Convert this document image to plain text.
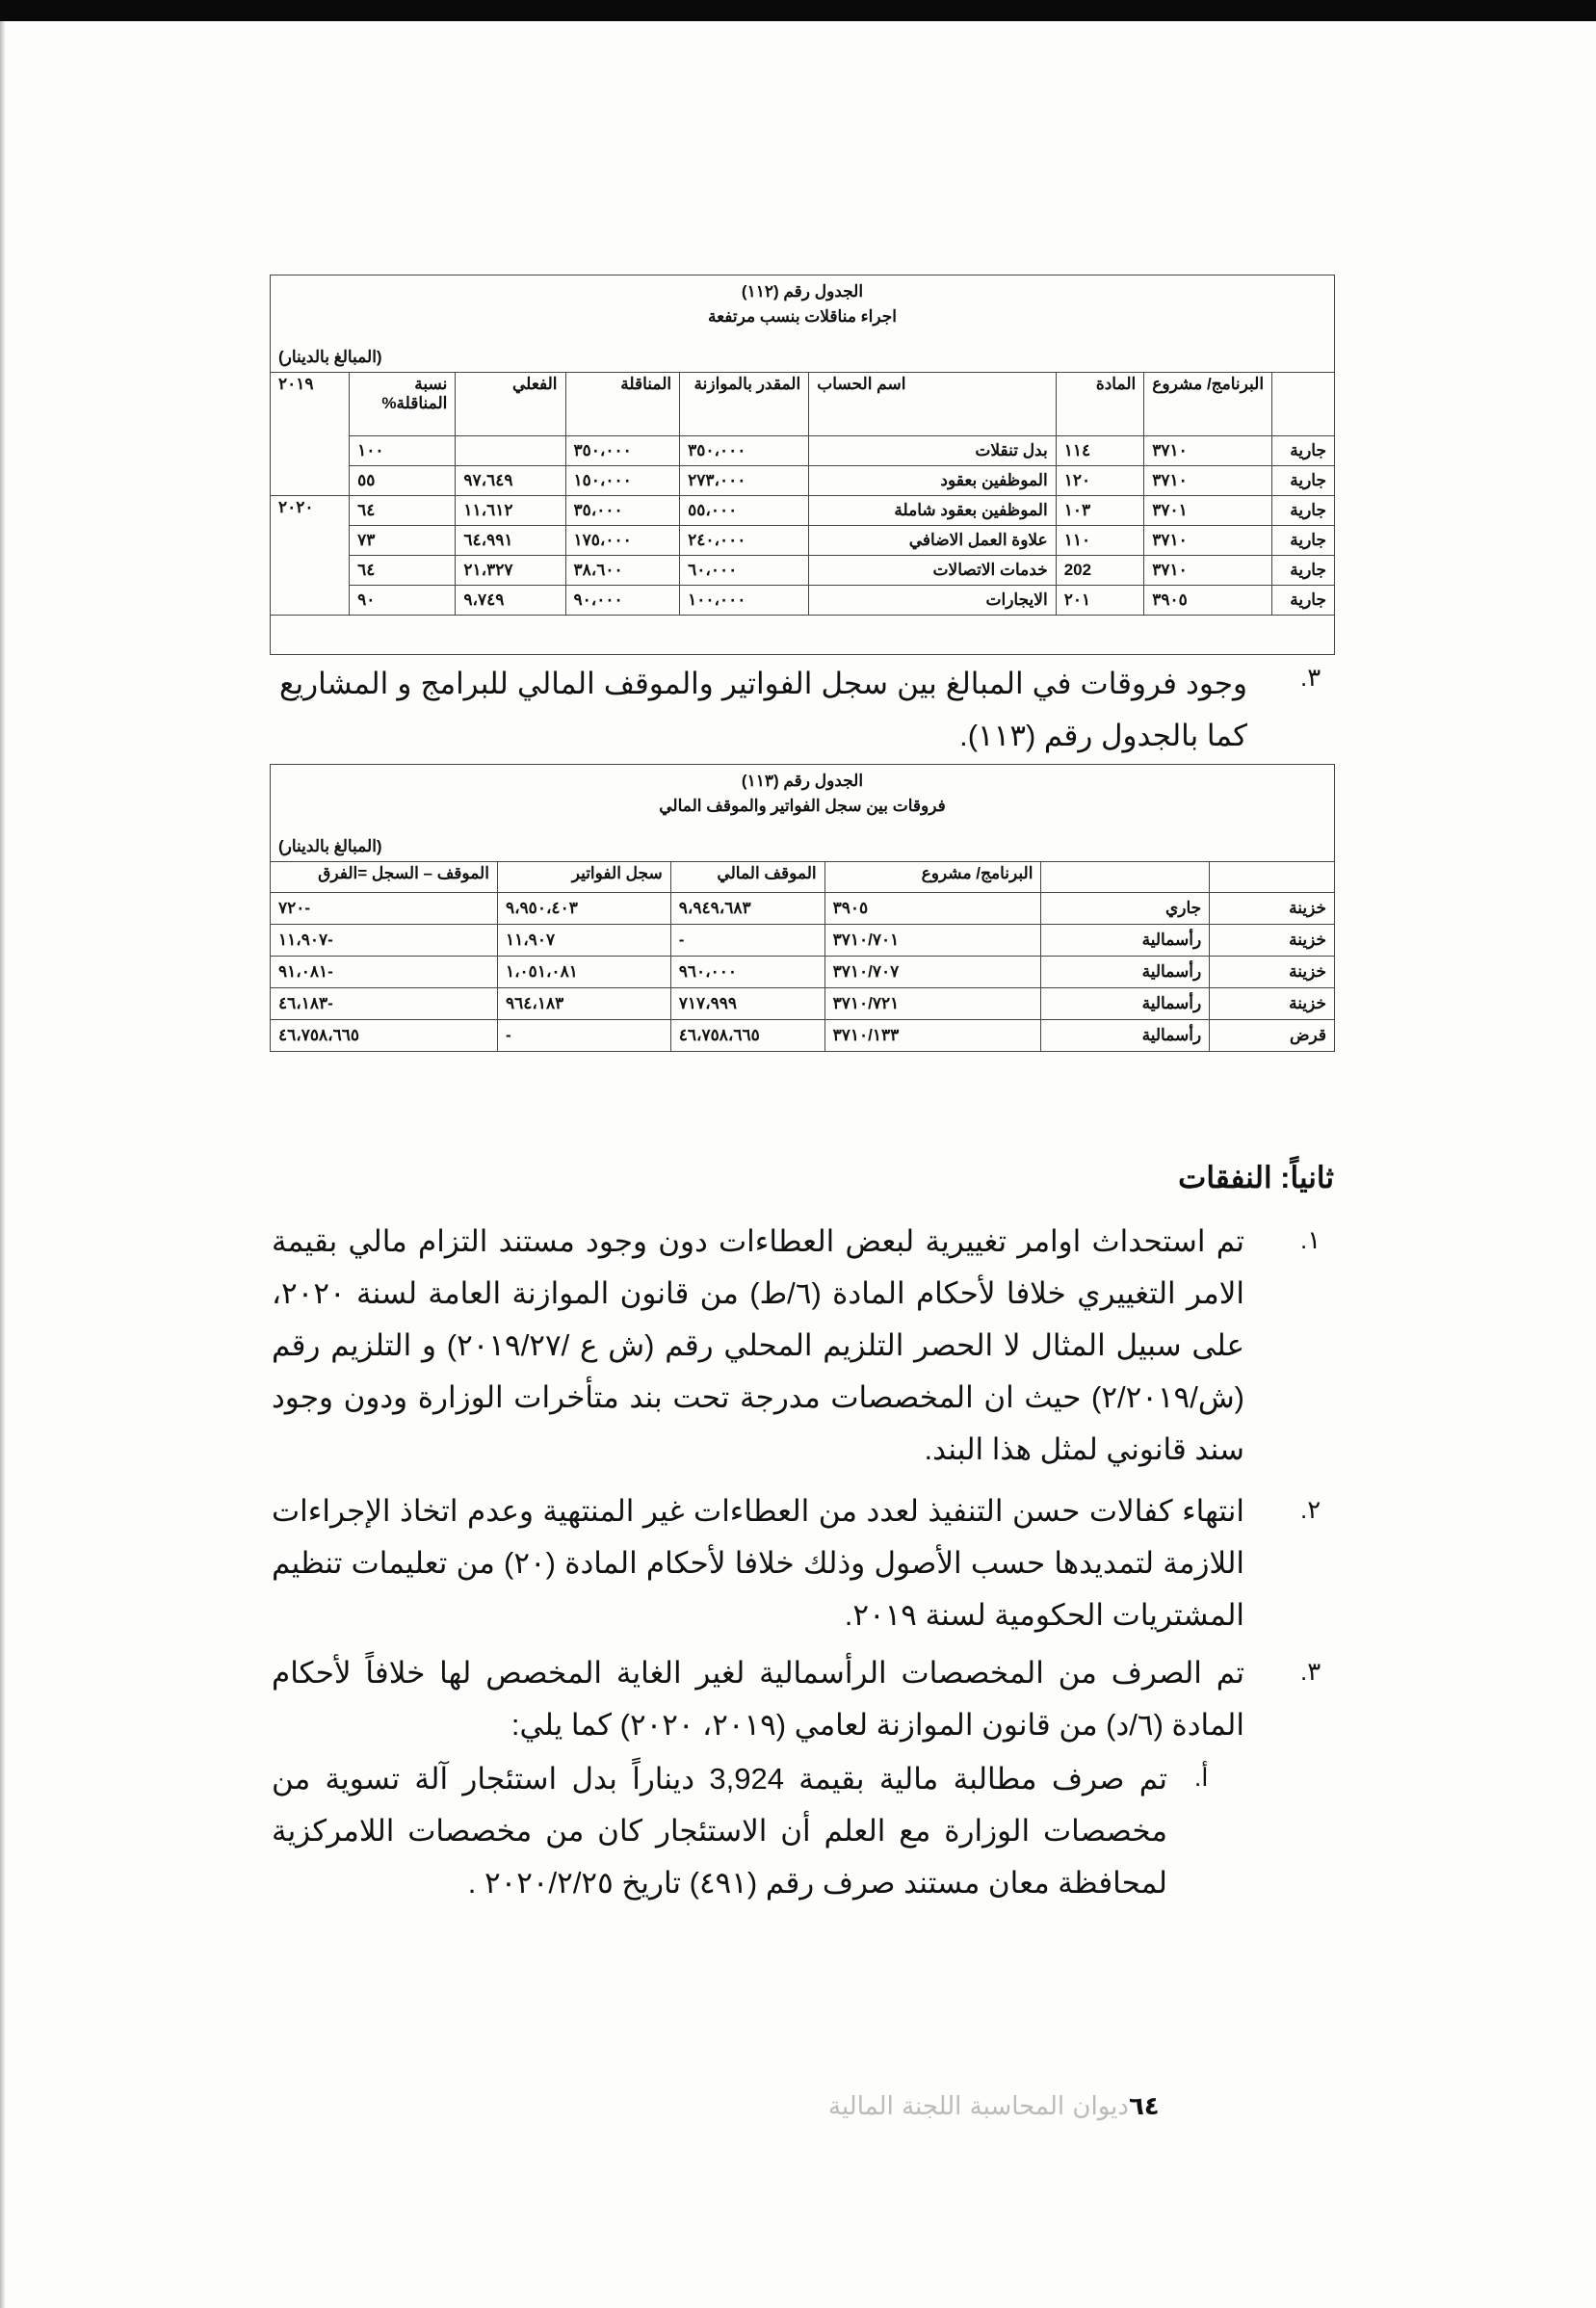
الجدول رقم (١١٢)
اجراء مناقلات بنسب مرتفعة
(المبالغ بالدينار)								

	البرنامج/ مشروع	المادة	اسم الحساب	المقدر بالموازنة	المناقلة	الفعلي	نسبة المناقلة%	٢٠١٩
جارية	٣٧١٠	١١٤	بدل تنقلات	٣٥٠،٠٠٠	٣٥٠،٠٠٠		١٠٠	
جارية	٣٧١٠	١٢٠	الموظفين بعقود	٢٧٣،٠٠٠	١٥٠،٠٠٠	٩٧،٦٤٩	٥٥	
جارية	٣٧٠١	١٠٣	الموظفين بعقود شاملة	٥٥،٠٠٠	٣٥،٠٠٠	١١،٦١٢	٦٤	٢٠٢٠
جارية	٣٧١٠	١١٠	علاوة العمل الاضافي	٢٤٠،٠٠٠	١٧٥،٠٠٠	٦٤،٩٩١	٧٣	
جارية	٣٧١٠	202	خدمات الاتصالات	٦٠،٠٠٠	٣٨،٦٠٠	٢١،٣٢٧	٦٤	
جارية	٣٩٠٥	٢٠١	الايجارات	١٠٠،٠٠٠	٩٠،٠٠٠	٩،٧٤٩	٩٠	

وجود فروقات في المبالغ بين سجل الفواتير والموقف المالي للبرامج و المشاريع كما بالجدول رقم (١١٣).
٣.
الجدول رقم (١١٣)
فروقات بين سجل الفواتير والموقف المالي
(المبالغ بالدينار)					

		البرنامج/ مشروع	الموقف المالي	سجل الفواتير	الموقف – السجل =الفرق
خزينة	جاري	٣٩٠٥	٩،٩٤٩،٦٨٣	٩،٩٥٠،٤٠٣	-٧٢٠
خزينة	رأسمالية	٣٧١٠/٧٠١	-	١١،٩٠٧	-١١،٩٠٧
خزينة	رأسمالية	٣٧١٠/٧٠٧	٩٦٠،٠٠٠	١،٠٥١،٠٨١	-٩١،٠٨١
خزينة	رأسمالية	٣٧١٠/٧٢١	٧١٧،٩٩٩	٩٦٤،١٨٣	-٤٦،١٨٣
قرض	رأسمالية	٣٧١٠/١٣٣	٤٦،٧٥٨،٦٦٥	-	٤٦،٧٥٨،٦٦٥
ثانياً: النفقات
١.
تم استحداث اوامر تغييرية لبعض العطاءات دون وجود مستند التزام مالي بقيمة الامر التغييري خلافا لأحكام المادة (٦/ط) من قانون الموازنة العامة لسنة ٢٠٢٠، على سبيل المثال لا الحصر التلزيم المحلي رقم (ش ع /٢٠١٩/٢٧) و التلزيم رقم (ش/٢/٢٠١٩) حيث ان المخصصات مدرجة تحت بند متأخرات الوزارة ودون وجود سند قانوني لمثل هذا البند.
٢.
انتهاء كفالات حسن التنفيذ لعدد من العطاءات غير المنتهية وعدم اتخاذ الإجراءات اللازمة لتمديدها حسب الأصول وذلك خلافا لأحكام المادة (٢٠) من تعليمات تنظيم المشتريات الحكومية لسنة ٢٠١٩.
٣.
تم الصرف من المخصصات الرأسمالية لغير الغاية المخصص لها خلافاً لأحكام المادة (٦/د) من قانون الموازنة لعامي (٢٠١٩، ٢٠٢٠) كما يلي:
أ.
تم صرف مطالبة مالية بقيمة 3,924 ديناراً بدل استئجار آلة تسوية من مخصصات الوزارة مع العلم أن الاستئجار كان من مخصصات اللامركزية لمحافظة معان مستند صرف رقم (٤٩١) تاريخ ٢٠٢٠/٢/٢٥ .
٦٤ديوان المحاسبة اللجنة المالية
